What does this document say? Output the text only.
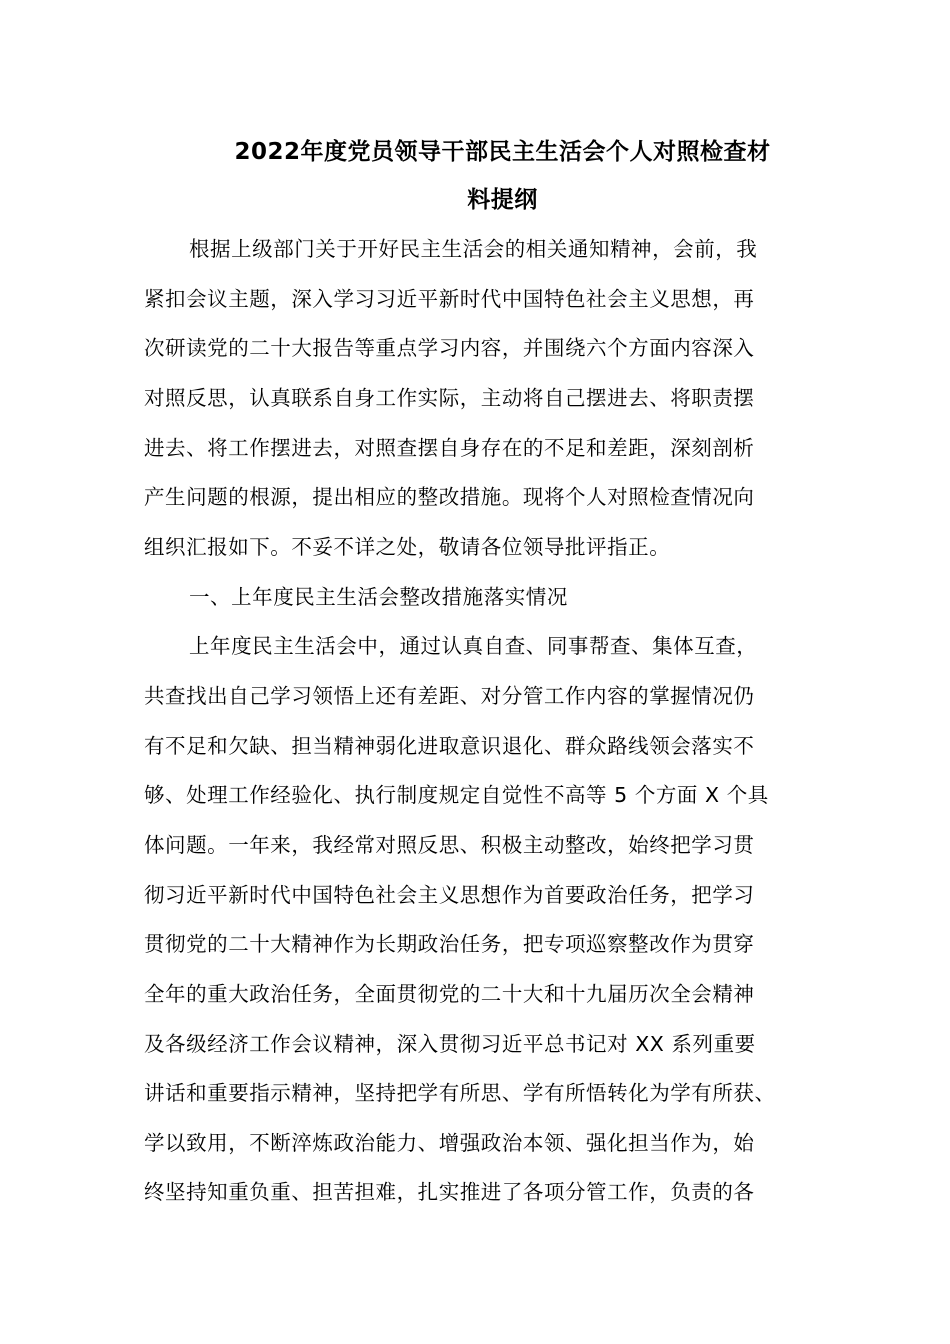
2022年度党员领导干部民主生活会个人对照检查材
料提纲
根据上级部门关于开好民主生活会的相关通知精神，会前，我
紧扣会议主题，深入学习习近平新时代中国特色社会主义思想，再
次研读党的二十大报告等重点学习内容，并围绕六个方面内容深入
对照反思，认真联系自身工作实际，主动将自己摆进去、将职责摆
进去、将工作摆进去，对照查摆自身存在的不足和差距，深刻剖析
产生问题的根源，提出相应的整改措施。现将个人对照检查情况向
组织汇报如下。不妥不详之处，敬请各位领导批评指正。
一、上年度民主生活会整改措施落实情况
上年度民主生活会中，通过认真自查、同事帮查、集体互查，
共查找出自己学习领悟上还有差距、对分管工作内容的掌握情况仍
有不足和欠缺、担当精神弱化进取意识退化、群众路线领会落实不
够、处理工作经验化、执行制度规定自觉性不高等 5 个方面 X 个具
体问题。一年来，我经常对照反思、积极主动整改，始终把学习贯
彻习近平新时代中国特色社会主义思想作为首要政治任务，把学习
贯彻党的二十大精神作为长期政治任务，把专项巡察整改作为贯穿
全年的重大政治任务，全面贯彻党的二十大和十九届历次全会精神
及各级经济工作会议精神，深入贯彻习近平总书记对 XX 系列重要
讲话和重要指示精神，坚持把学有所思、学有所悟转化为学有所获、
学以致用，不断淬炼政治能力、增强政治本领、强化担当作为，始
终坚持知重负重、担苦担难，扎实推进了各项分管工作，负责的各
